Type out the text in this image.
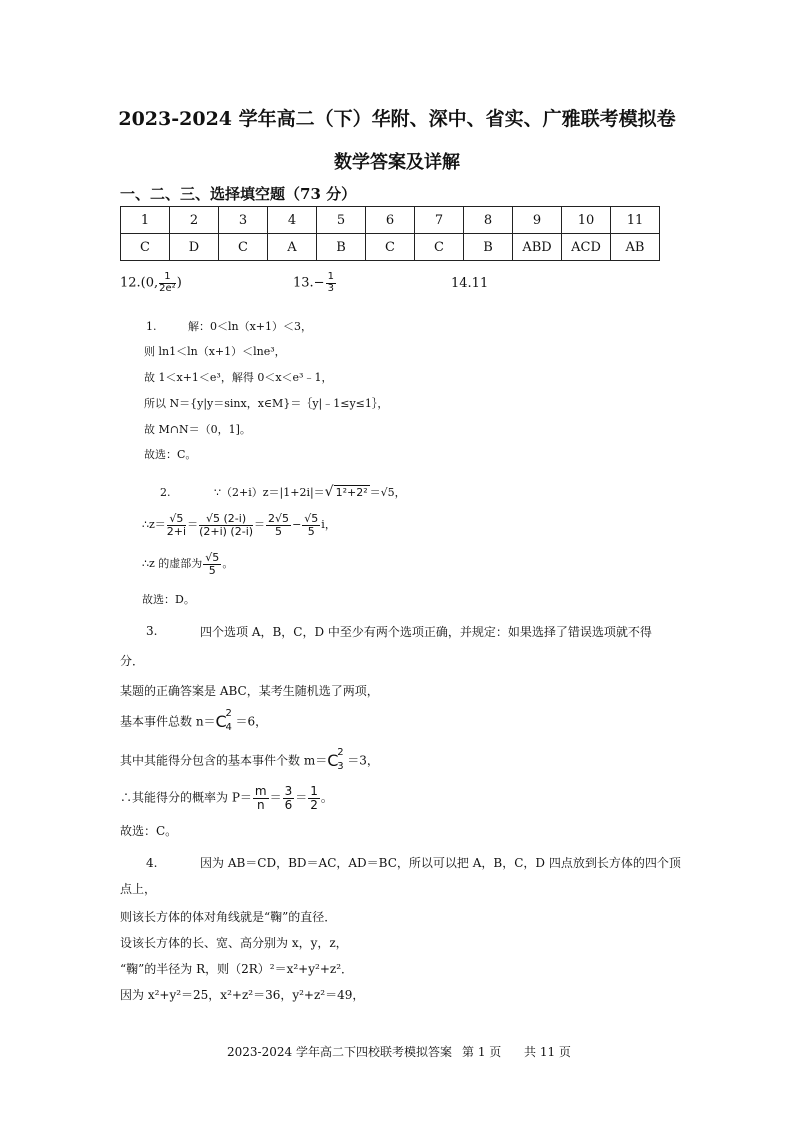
2023-2024 学年高二（下）华附、深中、省实、广雅联考模拟卷
数学答案及详解
一、二、三、选择填空题（73 分）
1	2	3	4	5	6	7	8	9	10	11
C	D	C	A	B	C	C	B	ABD	ACD	AB
12.(0, $\frac{1}{\text{2e²}}$ )	$13.- \frac{1}{3}$	14.11
1.	解：0＜ln（x+1）＜3，
则 ln1＜ln（x+1）＜lne³，
故 1＜x+1＜e³，解得 0＜x＜e³﹣1，
所以 N＝{y|y＝sinx，x∈M}＝｛y|﹣1≤y≤1｝，
故 M∩N＝（0，1]。
故选：C。
2.	∵（2+i）z＝|1+2i|＝√ 1²+2² ＝√5，
∴z＝ $\frac{√5}{2+i} = \frac{√5 (2-i)}{(2+i) (2-i)} = \frac{2√5}{5} - \frac{√5}{5}$ i，
∴z 的虚部为 $\frac{√5}{5}$ 。
故选：D。
3.	四个选项 A，B，C，D 中至少有两个选项正确，并规定：如果选择了错误选项就不得
分．
某题的正确答案是 ABC，某考生随机选了两项，
基本事件总数 n＝ C
2
4 ＝6，
其中其能得分包含的基本事件个数 m＝ C
2
3 ＝3，
∴其能得分的概率为 $P= \frac{m}{n} = \frac{3}{6} = \frac{1}{2}$ 。
故选：C。
4.	因为 AB＝CD，BD＝AC，AD＝BC，所以可以把 A，B，C，D 四点放到长方体的四个顶
点上，
则该长方体的体对角线就是“鞠”的直径．
设该长方体的长、宽、高分别为 x，y，z，
“鞠”的半径为 R，则（2R）²＝x²+y²+z²．
因为 x²+y²＝25，x²+z²＝36，y²+z²＝49，
2023-2024 学年高二下四校联考模拟答案 第 1 页 共 11 页
